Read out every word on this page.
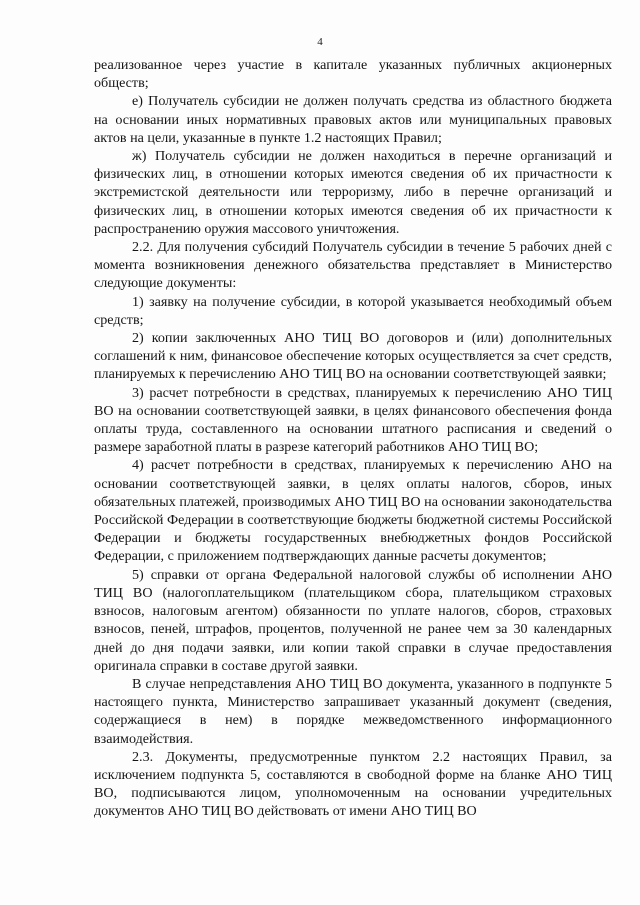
4

реализованное через участие в капитале указанных публичных акционерных обществ;

е) Получатель субсидии не должен получать средства из областного бюджета на основании иных нормативных правовых актов или муниципальных правовых актов на цели, указанные в пункте 1.2 настоящих Правил;

ж) Получатель субсидии не должен находиться в перечне организаций и физических лиц, в отношении которых имеются сведения об их причастности к экстремистской деятельности или терроризму, либо в перечне организаций и физических лиц, в отношении которых имеются сведения об их причастности к распространению оружия массового уничтожения.

2.2. Для получения субсидий Получатель субсидии в течение 5 рабочих дней с момента возникновения денежного обязательства представляет в Министерство следующие документы:

1) заявку на получение субсидии, в которой указывается необходимый объем средств;

2) копии заключенных АНО ТИЦ ВО договоров и (или) дополнительных соглашений к ним, финансовое обеспечение которых осуществляется за счет средств, планируемых к перечислению АНО ТИЦ ВО на основании соответствующей заявки;

3) расчет потребности в средствах, планируемых к перечислению АНО ТИЦ ВО на основании соответствующей заявки, в целях финансового обеспечения фонда оплаты труда, составленного на основании штатного расписания и сведений о размере заработной платы в разрезе категорий работников АНО ТИЦ ВО;

4) расчет потребности в средствах, планируемых к перечислению АНО на основании соответствующей заявки, в целях оплаты налогов, сборов, иных обязательных платежей, производимых АНО ТИЦ ВО на основании законодательства Российской Федерации в соответствующие бюджеты бюджетной системы Российской Федерации и бюджеты государственных внебюджетных фондов Российской Федерации, с приложением подтверждающих данные расчеты документов;

5) справки от органа Федеральной налоговой службы об исполнении АНО ТИЦ ВО (налогоплательщиком (плательщиком сбора, плательщиком страховых взносов, налоговым агентом) обязанности по уплате налогов, сборов, страховых взносов, пеней, штрафов, процентов, полученной не ранее чем за 30 календарных дней до дня подачи заявки, или копии такой справки в случае предоставления оригинала справки в составе другой заявки.

В случае непредставления АНО ТИЦ ВО документа, указанного в подпункте 5 настоящего пункта, Министерство запрашивает указанный документ (сведения, содержащиеся в нем) в порядке межведомственного информационного взаимодействия.

2.3. Документы, предусмотренные пунктом 2.2 настоящих Правил, за исключением подпункта 5, составляются в свободной форме на бланке АНО ТИЦ ВО, подписываются лицом, уполномоченным на основании учредительных документов АНО ТИЦ ВО действовать от имени АНО ТИЦ ВО
